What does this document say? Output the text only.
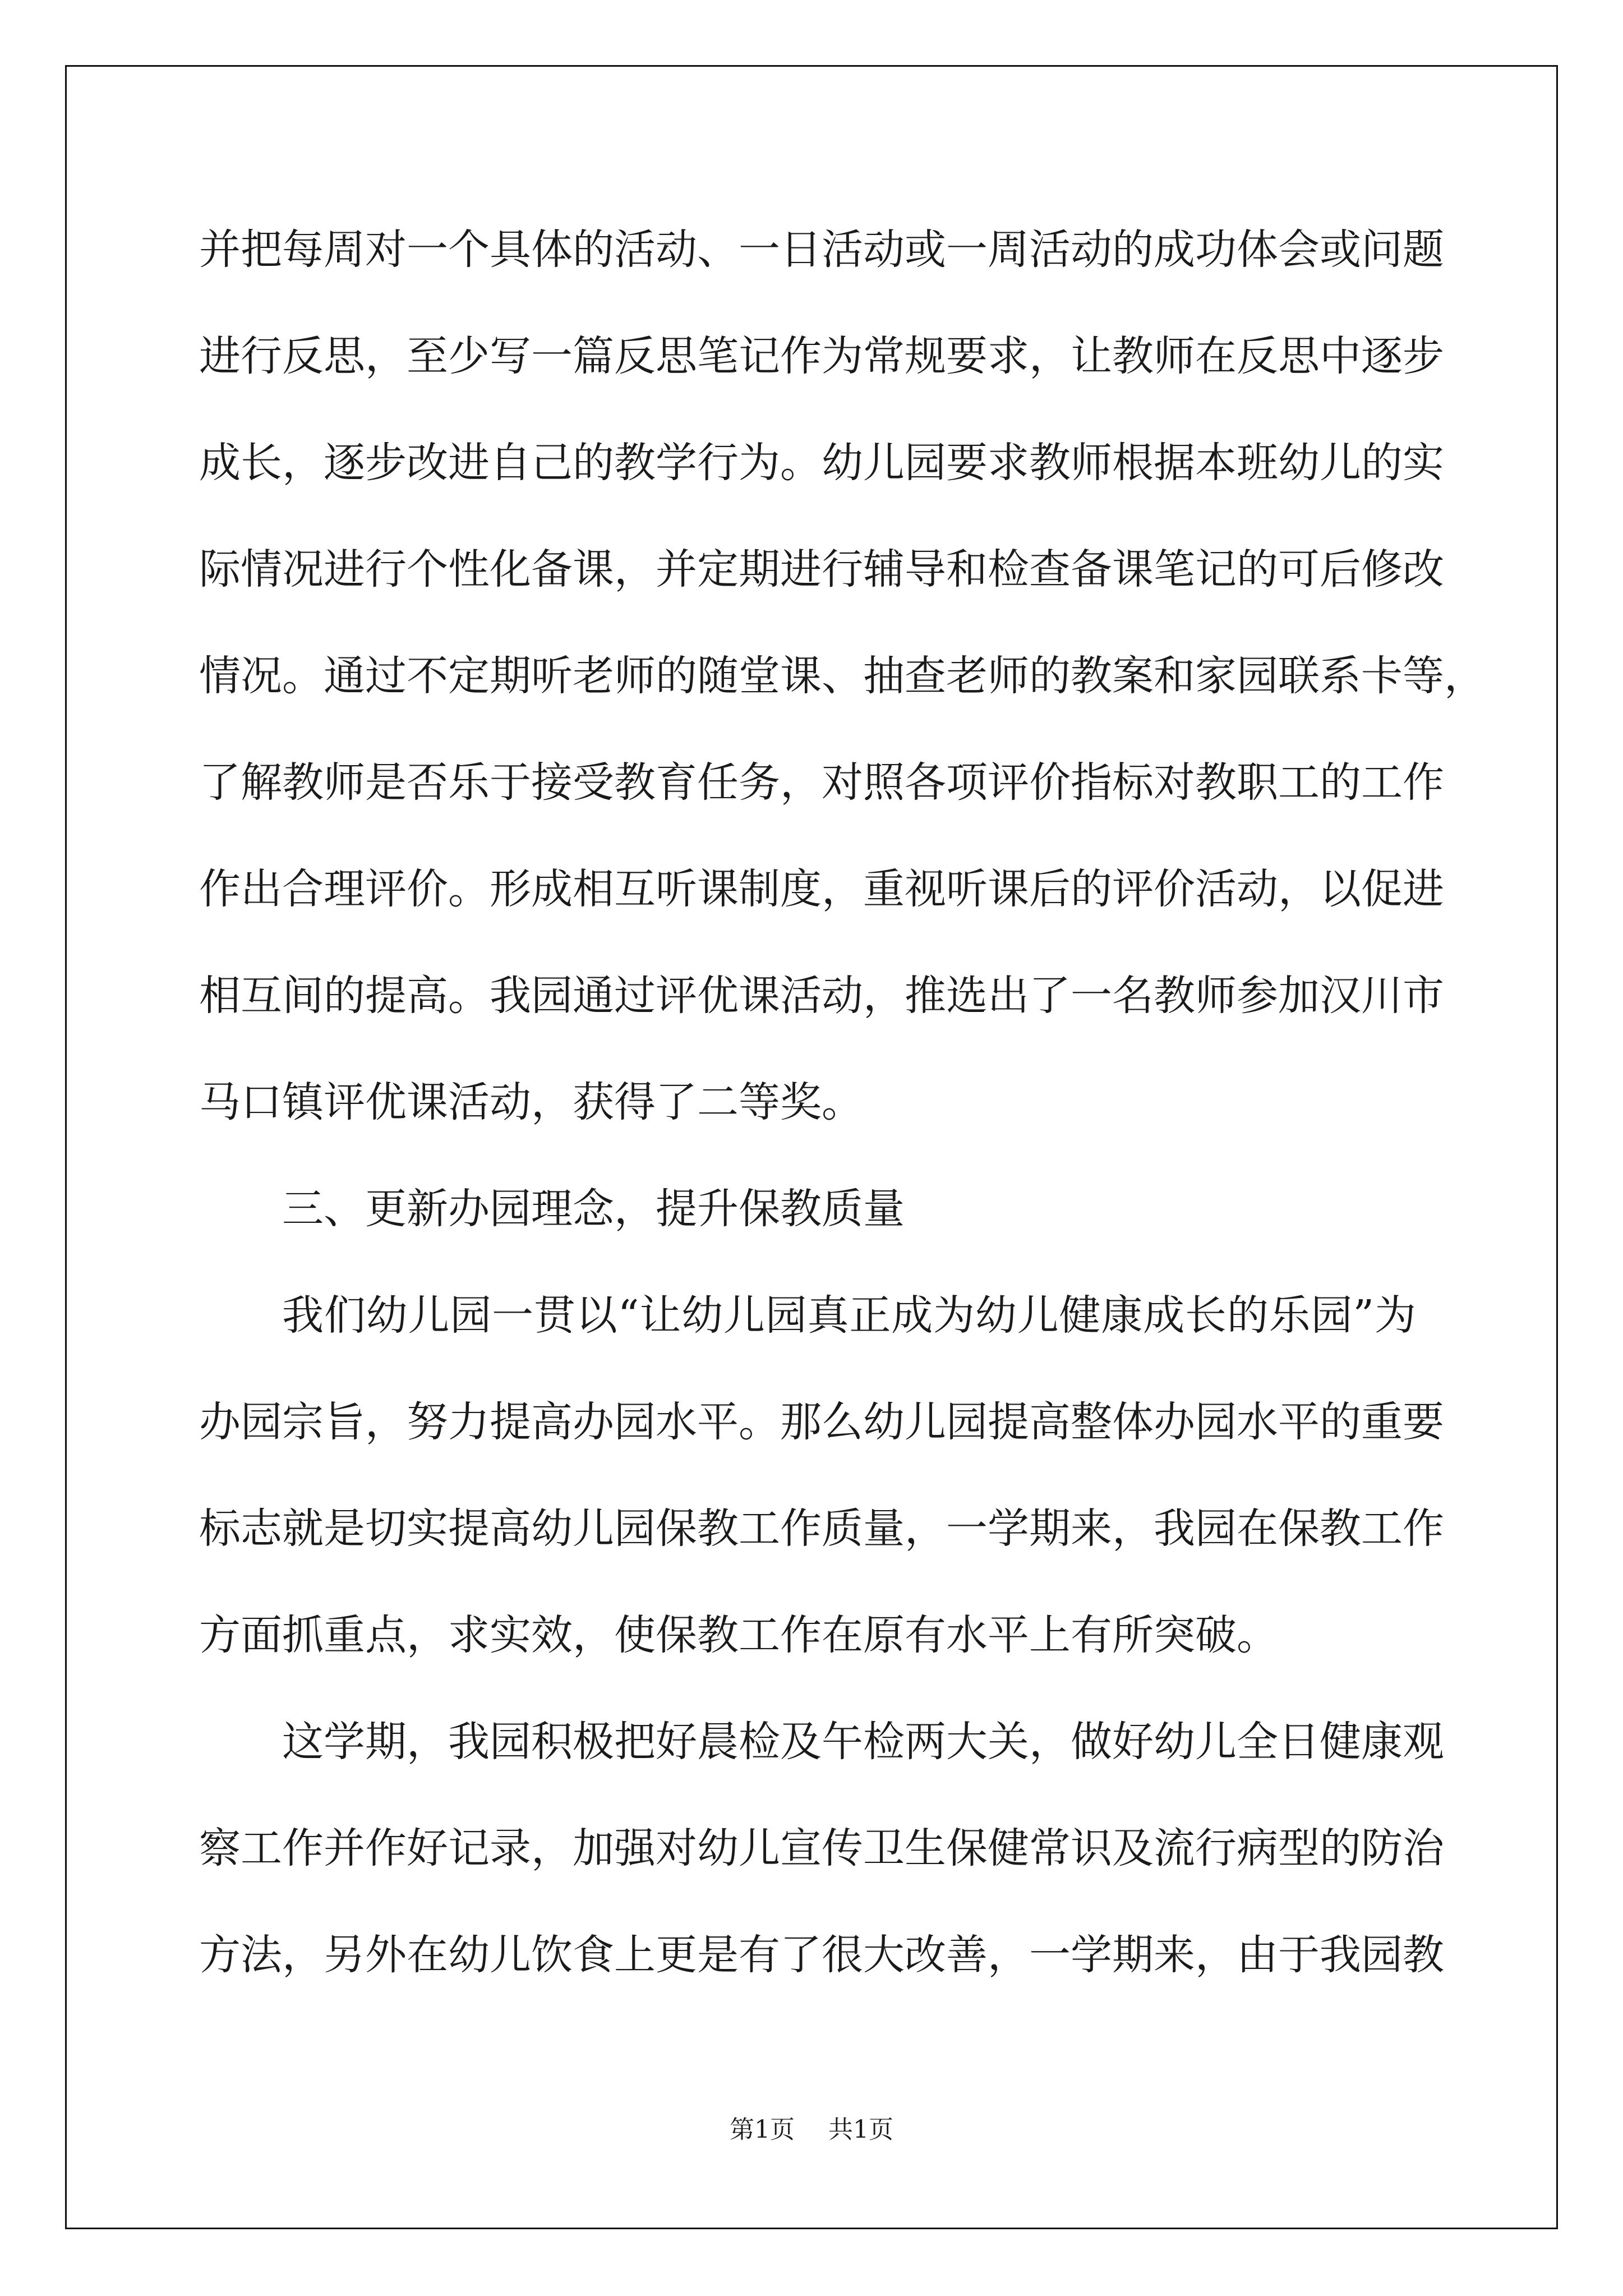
并把每周对一个具体的活动、一日活动或一周活动的成功体会或问题
进行反思，至少写一篇反思笔记作为常规要求，让教师在反思中逐步
成长，逐步改进自己的教学行为。幼儿园要求教师根据本班幼儿的实
际情况进行个性化备课，并定期进行辅导和检查备课笔记的可后修改
情况。通过不定期听老师的随堂课、抽查老师的教案和家园联系卡等，
了解教师是否乐于接受教育任务，对照各项评价指标对教职工的工作
作出合理评价。形成相互听课制度，重视听课后的评价活动，以促进
相互间的提高。我园通过评优课活动，推选出了一名教师参加汉川市
马口镇评优课活动，获得了二等奖。
三、更新办园理念，提升保教质量
我们幼儿园一贯以“让幼儿园真正成为幼儿健康成长的乐园”为
办园宗旨，努力提高办园水平。那么幼儿园提高整体办园水平的重要
标志就是切实提高幼儿园保教工作质量，一学期来，我园在保教工作
方面抓重点，求实效，使保教工作在原有水平上有所突破。
这学期，我园积极把好晨检及午检两大关，做好幼儿全日健康观
察工作并作好记录，加强对幼儿宣传卫生保健常识及流行病型的防治
方法，另外在幼儿饮食上更是有了很大改善，一学期来，由于我园教
第1页 共1页
